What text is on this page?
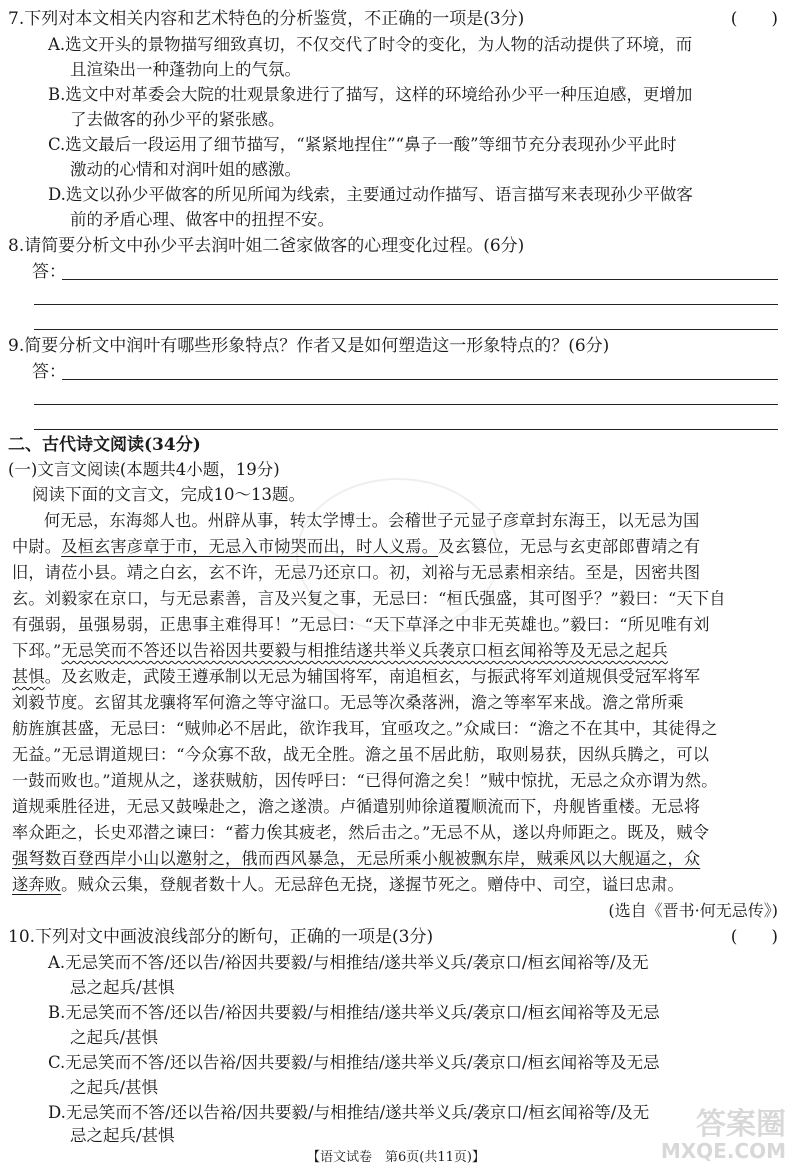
答案圈
MXQE.COM
7.下列对本文相关内容和艺术特色的分析鉴赏，不正确的一项是(3分)	(　　)
A.选文开头的景物描写细致真切，不仅交代了时令的变化，为人物的活动提供了环境，而
且渲染出一种蓬勃向上的气氛。
B.选文中对革委会大院的壮观景象进行了描写，这样的环境给孙少平一种压迫感，更增加
了去做客的孙少平的紧张感。
C.选文最后一段运用了细节描写，“紧紧地捏住”“鼻子一酸”等细节充分表现孙少平此时
激动的心情和对润叶姐的感激。
D.选文以孙少平做客的所见所闻为线索，主要通过动作描写、语言描写来表现孙少平做客
前的矛盾心理、做客中的扭捏不安。
8.请简要分析文中孙少平去润叶姐二爸家做客的心理变化过程。(6分)
答：
9.简要分析文中润叶有哪些形象特点？作者又是如何塑造这一形象特点的？(6分)
答：
二、古代诗文阅读(34分)
(一)文言文阅读(本题共4小题，19分)
阅读下面的文言文，完成10～13题。
何无忌，东海郯人也。州辟从事，转太学博士。会稽世子元显子彦章封东海王，以无忌为国
中尉。及桓玄害彦章于市，无忌入市恸哭而出，时人义焉。及玄篡位，无忌与玄吏部郎曹靖之有
旧，请莅小县。靖之白玄，玄不许，无忌乃还京口。初，刘裕与无忌素相亲结。至是，因密共图
玄。刘毅家在京口，与无忌素善，言及兴复之事，无忌曰：“桓氏强盛，其可图乎？”毅曰：“天下自
有强弱，虽强易弱，正患事主难得耳！”无忌曰：“天下草泽之中非无英雄也。”毅曰：“所见唯有刘
下邳。”无忌笑而不答还以告裕因共要毅与相推结遂共举义兵袭京口桓玄闻裕等及无忌之起兵
甚惧。及玄败走，武陵王遵承制以无忌为辅国将军，南追桓玄，与振武将军刘道规俱受冠军将军
刘毅节度。玄留其龙骧将军何澹之等守湓口。无忌等次桑落洲，澹之等率军来战。澹之常所乘
舫旌旗甚盛，无忌曰：“贼帅必不居此，欲诈我耳，宜亟攻之。”众咸曰：“澹之不在其中，其徒得之
无益。”无忌谓道规曰：“今众寡不敌，战无全胜。澹之虽不居此舫，取则易获，因纵兵腾之，可以
一鼓而败也。”道规从之，遂获贼舫，因传呼曰：“已得何澹之矣！”贼中惊扰，无忌之众亦谓为然。
道规乘胜径进，无忌又鼓噪赴之，澹之遂溃。卢循遣别帅徐道覆顺流而下，舟舰皆重楼。无忌将
率众距之，长史邓潜之谏曰：“蓄力俟其疲老，然后击之。”无忌不从，遂以舟师距之。既及，贼令
强弩数百登西岸小山以邀射之，俄而西风暴急，无忌所乘小舰被飘东岸，贼乘风以大舰逼之，众
遂奔败。贼众云集，登舰者数十人。无忌辞色无挠，遂握节死之。赠侍中、司空，谥曰忠肃。
(选自《晋书·何无忌传》)
10.下列对文中画波浪线部分的断句，正确的一项是(3分)	(　　)
A.无忌笑而不答/还以告/裕因共要毅/与相推结/遂共举义兵/袭京口/桓玄闻裕等/及无
忌之起兵/甚惧
B.无忌笑而不答/还以告/裕因共要毅/与相推结/遂共举义兵/袭京口/桓玄闻裕等及无忌
之起兵/甚惧
C.无忌笑而不答/还以告裕/因共要毅/与相推结/遂共举义兵/袭京口/桓玄闻裕等及无忌
之起兵/甚惧
D.无忌笑而不答/还以告裕/因共要毅/与相推结/遂共举义兵/袭京口/桓玄闻裕等/及无
忌之起兵/甚惧
【语文试卷　第6页(共11页)】
